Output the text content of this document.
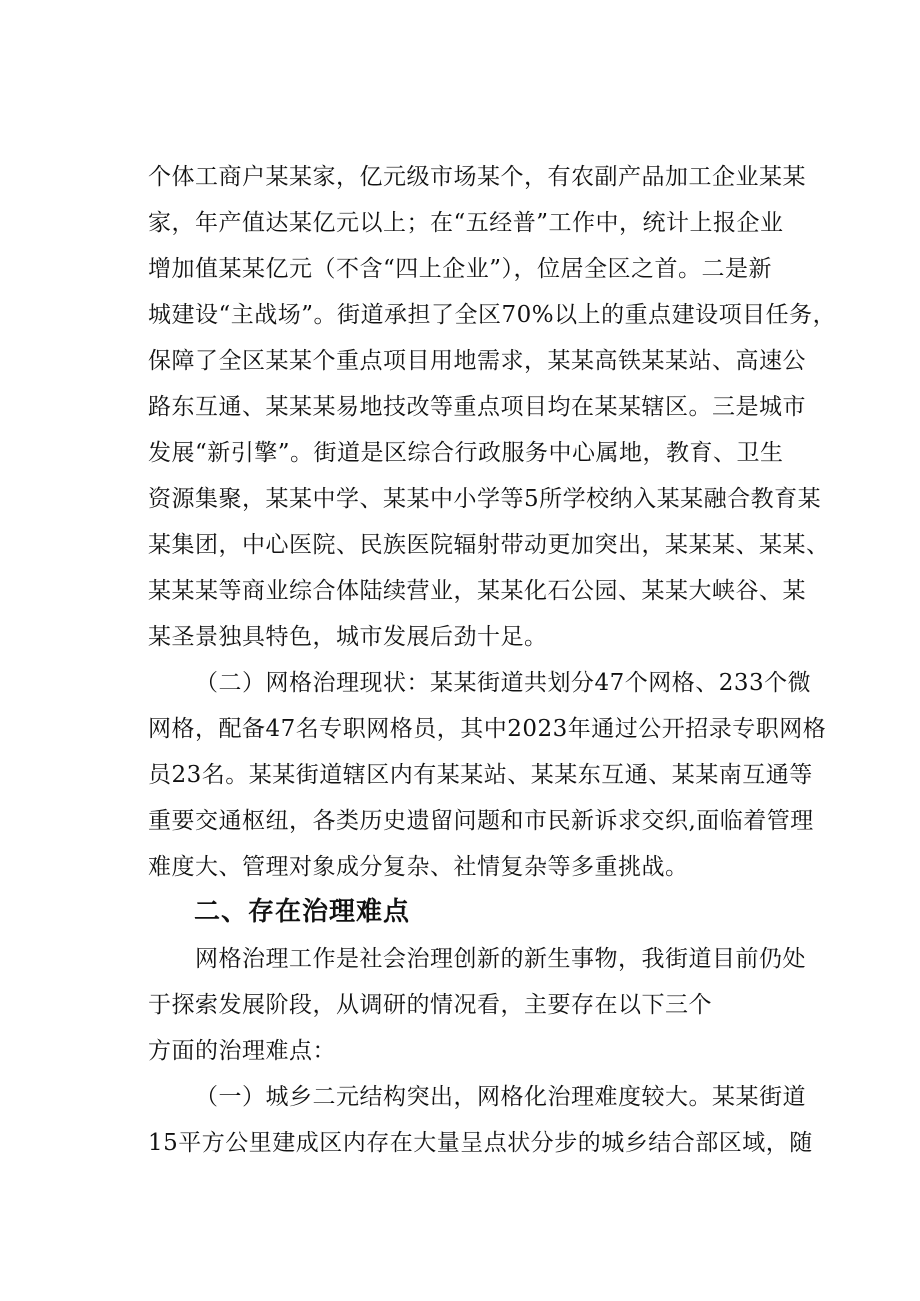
个体工商户某某家，亿元级市场某个，有农副产品加工企业某某
家，年产值达某亿元以上；在“五经普”工作中，统计上报企业
增加值某某亿元（不含“四上企业”），位居全区之首。二是新
城建设“主战场”。街道承担了全区70%以上的重点建设项目任务，
保障了全区某某个重点项目用地需求，某某高铁某某站、高速公
路东互通、某某某易地技改等重点项目均在某某辖区。三是城市
发展“新引擎”。街道是区综合行政服务中心属地，教育、卫生
资源集聚，某某中学、某某中小学等5所学校纳入某某融合教育某
某集团，中心医院、民族医院辐射带动更加突出，某某某、某某、
某某某等商业综合体陆续营业，某某化石公园、某某大峡谷、某
某圣景独具特色，城市发展后劲十足。
（二）网格治理现状：某某街道共划分47个网格、233个微
网格，配备47名专职网格员，其中2023年通过公开招录专职网格
员23名。某某街道辖区内有某某站、某某东互通、某某南互通等
重要交通枢纽，各类历史遗留问题和市民新诉求交织,面临着管理
难度大、管理对象成分复杂、社情复杂等多重挑战。
二、存在治理难点
网格治理工作是社会治理创新的新生事物，我街道目前仍处
于探索发展阶段，从调研的情况看，主要存在以下三个
方面的治理难点：
（一）城乡二元结构突出，网格化治理难度较大。某某街道
15平方公里建成区内存在大量呈点状分步的城乡结合部区域，随
